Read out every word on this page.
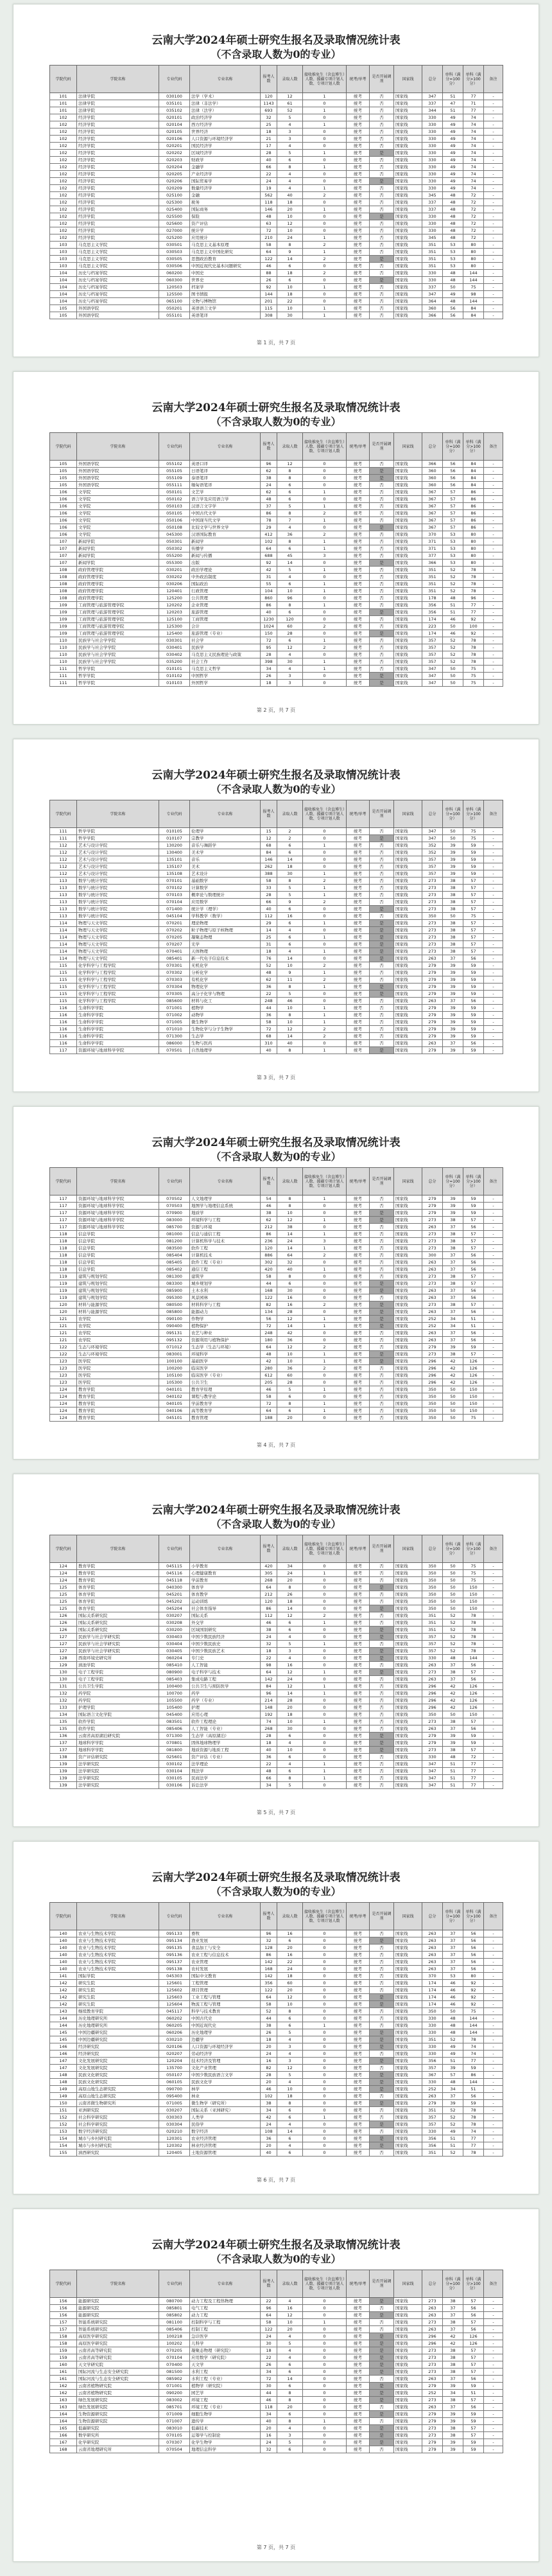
云南大学2024年硕士研究生报名及录取情况统计表
（不含录取人数为0的专业）
学院代码	学院名称	专业代码	专业名称	报考人数	录取人数	接收推免生（含直博生）人数、援疆专项计划人数、专项计划人数	统考/单考	是否开展调剂	国家线	总分	单科（满分=100分）	单科（满分>100分）	备注
101	法律学院	030100	法学（学术）	120	12	1	统考	否	国家线	347	51	77	-
101	法律学院	035101	法律（非法学）	1143	61	0	统考	否	国家线	337	47	71	-
101	法律学院	035102	法律（法学）	693	52	1	统考	否	国家线	344	51	77	-
102	经济学院	020101	政治经济学	32	5	0	统考	否	国家线	330	49	74	-
102	经济学院	020104	西方经济学	25	4	1	统考	否	国家线	330	49	74	-
102	经济学院	020105	世界经济	18	3	0	统考	否	国家线	330	49	74	-
102	经济学院	020106	人口资源与环境经济学	21	3	0	统考	否	国家线	330	49	74	-
102	经济学院	020201	国民经济学	17	4	0	统考	否	国家线	330	49	74	-
102	经济学院	020202	区域经济学	28	5	1	统考	是	国家线	330	49	74	-
102	经济学院	020203	财政学	40	6	0	统考	否	国家线	330	49	74	-
102	经济学院	020204	金融学	66	8	1	统考	否	国家线	330	49	74	-
102	经济学院	020205	产业经济学	22	4	0	统考	否	国家线	330	49	74	-
102	经济学院	020206	国际贸易学	24	4	0	统考	是	国家线	330	49	74	-
102	经济学院	020209	数量经济学	19	4	1	统考	否	国家线	330	49	74	-
102	经济学院	025100	金融	562	40	2	统考	否	国家线	345	48	72	-
102	经济学院	025300	税务	118	18	0	统考	否	国家线	337	48	72	-
102	经济学院	025400	国际商务	146	20	1	统考	否	国家线	337	48	72	-
102	经济学院	025500	保险	48	10	0	统考	是	国家线	330	48	72	-
102	经济学院	025600	资产评估	63	12	0	统考	否	国家线	330	48	72	-
102	经济学院	027000	统计学	72	10	0	统考	否	国家线	330	48	72	-
102	经济学院	025200	应用统计	210	24	1	统考	否	国家线	345	48	72	-
103	马克思主义学院	030501	马克思主义基本原理	58	8	2	统考	否	国家线	351	53	80	-
103	马克思主义学院	030503	马克思主义中国化研究	64	9	1	统考	否	国家线	351	53	80	-
103	马克思主义学院	030505	思想政治教育	122	14	2	统考	是	国家线	351	53	80	-
103	马克思主义学院	030506	中国近现代史基本问题研究	46	6	0	统考	否	国家线	351	53	80	-
104	历史与档案学院	060200	中国史	88	18	2	统考	否	国家线	330	48	144	-
104	历史与档案学院	060300	世界史	26	6	0	统考	是	国家线	330	48	144	-
104	历史与档案学院	120503	档案学	92	10	1	统考	否	国家线	337	50	75	-
104	历史与档案学院	125500	图书情报	144	18	0	统考	否	国家线	347	49	98	-
104	历史与档案学院	065100	文物与博物馆	201	22	0	统考	否	国家线	364	48	144	-
105	外国语学院	050201	英语语言文学	115	10	1	统考	否	国家线	360	56	84	-
105	外国语学院	055101	英语笔译	308	30	1	统考	否	国家线	366	56	84	-
第 1 页，共 7 页
云南大学2024年硕士研究生报名及录取情况统计表
（不含录取人数为0的专业）
学院代码	学院名称	专业代码	专业名称	报考人数	录取人数	接收推免生（含直博生）人数、援疆专项计划人数、专项计划人数	统考/单考	是否开展调剂	国家线	总分	单科（满分=100分）	单科（满分>100分）	备注
105	外国语学院	055102	英语口译	96	12	0	统考	否	国家线	366	56	84	-
105	外国语学院	055105	日语笔译	62	8	0	统考	是	国家线	360	56	84	-
105	外国语学院	055109	泰语笔译	38	8	0	统考	是	国家线	360	56	84	-
105	外国语学院	055111	缅甸语笔译	24	6	0	统考	否	国家线	360	56	84	-
106	文学院	050101	文艺学	62	6	1	统考	否	国家线	367	57	86	-
106	文学院	050102	语言学及应用语言学	48	6	0	统考	否	国家线	367	57	86	-
106	文学院	050103	汉语言文字学	37	5	1	统考	否	国家线	367	57	86	-
106	文学院	050105	中国古代文学	86	8	2	统考	否	国家线	367	57	86	-
106	文学院	050106	中国现当代文学	78	7	1	统考	否	国家线	367	57	86	-
106	文学院	050108	比较文学与世界文学	29	4	0	统考	是	国家线	367	57	86	-
106	文学院	045300	汉语国际教育	412	36	2	统考	否	国家线	370	53	80	-
107	新闻学院	050301	新闻学	102	8	1	统考	否	国家线	371	53	80	-
107	新闻学院	050302	传播学	64	6	1	统考	否	国家线	371	53	80	-
107	新闻学院	055200	新闻与传播	688	45	3	统考	否	国家线	377	53	80	-
107	新闻学院	055300	出版	92	14	0	统考	是	国家线	366	53	80	-
108	政府管理学院	030201	政治学理论	42	5	1	统考	否	国家线	351	52	78	-
108	政府管理学院	030202	中外政治制度	31	4	0	统考	否	国家线	351	52	78	-
108	政府管理学院	030206	国际政治	55	6	1	统考	否	国家线	351	52	78	-
108	政府管理学院	120401	行政管理	104	10	1	统考	否	国家线	351	52	78	-
108	政府管理学院	125200	公共管理	860	96	0	统考	否	国家线	178	48	96	-
109	工商管理与旅游管理学院	120202	企业管理	86	8	1	统考	否	国家线	356	51	77	-
109	工商管理与旅游管理学院	120203	旅游管理	40	6	0	统考	是	国家线	356	51	77	-
109	工商管理与旅游管理学院	125100	工商管理	1230	120	0	统考	否	国家线	174	46	92	-
109	工商管理与旅游管理学院	125300	会计	1024	60	2	统考	否	国家线	223	50	100	-
109	工商管理与旅游管理学院	125400	旅游管理（专业）	150	28	0	统考	是	国家线	174	46	92	-
110	民族学与社会学学院	030301	社会学	72	6	1	统考	否	国家线	357	52	78	-
110	民族学与社会学学院	030401	民族学	95	12	2	统考	否	国家线	357	52	78	-
110	民族学与社会学学院	030402	马克思主义民族理论与政策	28	4	0	统考	否	国家线	357	52	78	-
110	民族学与社会学学院	035200	社会工作	398	30	1	统考	否	国家线	357	52	78	-
111	哲学学院	010101	马克思主义哲学	34	4	1	统考	否	国家线	347	50	75	-
111	哲学学院	010102	中国哲学	26	3	0	统考	是	国家线	347	50	75	-
111	哲学学院	010103	外国哲学	18	3	0	统考	是	国家线	347	50	75	-
第 2 页，共 7 页
云南大学2024年硕士研究生报名及录取情况统计表
（不含录取人数为0的专业）
学院代码	学院名称	专业代码	专业名称	报考人数	录取人数	接收推免生（含直博生）人数、援疆专项计划人数、专项计划人数	统考/单考	是否开展调剂	国家线	总分	单科（满分=100分）	单科（满分>100分）	备注
111	哲学学院	010105	伦理学	15	2	0	统考	否	国家线	347	50	75	-
111	哲学学院	010107	宗教学	12	2	0	统考	是	国家线	347	50	75	-
112	艺术与设计学院	130200	音乐与舞蹈学	68	6	1	统考	否	国家线	352	39	59	-
112	艺术与设计学院	130400	美术学	84	6	0	统考	否	国家线	352	39	59	-
112	艺术与设计学院	135101	音乐	146	14	0	统考	否	国家线	357	39	59	-
112	艺术与设计学院	135107	美术	262	18	0	统考	否	国家线	357	39	59	-
112	艺术与设计学院	135108	艺术设计	388	30	1	统考	否	国家线	357	39	59	-
113	数学与统计学院	070101	基础数学	58	8	2	统考	否	国家线	273	38	57	-
113	数学与统计学院	070102	计算数学	33	5	1	统考	否	国家线	273	38	57	-
113	数学与统计学院	070103	概率论与数理统计	28	5	1	统考	否	国家线	273	38	57	-
113	数学与统计学院	070104	应用数学	66	9	2	统考	否	国家线	273	38	57	-
113	数学与统计学院	071400	统计学（理学）	40	6	0	统考	是	国家线	273	38	57	-
113	数学与统计学院	045104	学科教学（数学）	112	16	0	统考	否	国家线	350	50	75	-
114	物理与天文学院	070201	理论物理	29	6	1	统考	是	国家线	273	38	57	-
114	物理与天文学院	070202	粒子物理与原子核物理	14	4	0	统考	是	国家线	273	38	57	-
114	物理与天文学院	070205	凝聚态物理	25	6	1	统考	是	国家线	273	38	57	-
114	物理与天文学院	070207	光学	31	6	0	统考	是	国家线	273	38	57	-
114	物理与天文学院	070401	天体物理	18	4	1	统考	是	国家线	273	38	57	-
114	物理与天文学院	085401	新一代电子信息技术	76	14	0	统考	是	国家线	263	37	56	-
115	化学科学与工程学院	070301	无机化学	52	10	2	统考	否	国家线	279	39	59	-
115	化学科学与工程学院	070302	分析化学	48	9	1	统考	否	国家线	279	39	59	-
115	化学科学与工程学院	070303	有机化学	62	11	2	统考	否	国家线	279	39	59	-
115	化学科学与工程学院	070304	物理化学	36	8	1	统考	是	国家线	279	39	59	-
115	化学科学与工程学院	070305	高分子化学与物理	22	5	0	统考	是	国家线	279	39	59	-
115	化学科学与工程学院	085600	材料与化工	248	46	0	统考	否	国家线	263	37	56	-
116	生命科学学院	071001	植物学	44	10	1	统考	否	国家线	279	39	59	-
116	生命科学学院	071002	动物学	36	8	1	统考	否	国家线	279	39	59	-
116	生命科学学院	071005	微生物学	58	10	1	统考	否	国家线	279	39	59	-
116	生命科学学院	071010	生物化学与分子生物学	72	12	2	统考	否	国家线	279	39	59	-
116	生命科学学院	071300	生态学	68	14	2	统考	否	国家线	279	39	59	-
116	生命科学学院	086000	生物与医药	310	40	0	统考	否	国家线	263	37	56	-
117	资源环境与地球科学学院	070501	自然地理学	40	8	1	统考	是	国家线	279	39	59	-
第 3 页，共 7 页
云南大学2024年硕士研究生报名及录取情况统计表
（不含录取人数为0的专业）
学院代码	学院名称	专业代码	专业名称	报考人数	录取人数	接收推免生（含直博生）人数、援疆专项计划人数、专项计划人数	统考/单考	是否开展调剂	国家线	总分	单科（满分=100分）	单科（满分>100分）	备注
117	资源环境与地球科学学院	070502	人文地理学	54	8	1	统考	否	国家线	279	39	59	-
117	资源环境与地球科学学院	070503	地图学与地理信息系统	46	8	0	统考	否	国家线	279	39	59	-
117	资源环境与地球科学学院	070900	地质学	38	10	0	统考	是	国家线	279	39	59	-
117	资源环境与地球科学学院	083000	环境科学与工程	62	12	1	统考	是	国家线	273	38	57	-
117	资源环境与地球科学学院	085700	资源与环境	212	38	0	统考	否	国家线	263	37	56	-
118	信息学院	081000	信息与通信工程	86	14	1	统考	否	国家线	273	38	57	-
118	信息学院	081200	计算机科学与技术	236	24	3	统考	否	国家线	273	38	57	-
118	信息学院	083500	软件工程	120	14	1	统考	否	国家线	273	38	57	-
118	信息学院	085404	计算机技术	886	64	2	统考	否	国家线	300	37	56	-
118	信息学院	085405	软件工程（专业）	302	32	0	统考	否	国家线	263	37	56	-
118	信息学院	085402	通信工程	420	40	1	统考	否	国家线	263	37	56	-
119	建筑与规划学院	081300	建筑学	58	8	0	统考	否	国家线	273	38	57	-
119	建筑与规划学院	083300	城乡规划学	44	6	0	统考	是	国家线	273	38	57	-
119	建筑与规划学院	085900	土木水利	168	30	0	统考	是	国家线	263	37	56	-
119	建筑与规划学院	095300	风景园林	122	16	0	统考	否	国家线	263	37	56	-
120	材料与能源学院	080500	材料科学与工程	82	16	2	统考	是	国家线	273	38	57	-
120	材料与能源学院	085800	能源动力	134	28	0	统考	是	国家线	263	37	56	-
121	农学院	090100	作物学	56	12	1	统考	是	国家线	252	34	51	-
121	农学院	090400	植物保护	72	14	1	统考	是	国家线	252	34	51	-
121	农学院	095131	农艺与种业	248	42	0	统考	否	国家线	263	37	56	-
121	农学院	095132	资源利用与植物保护	180	36	0	统考	否	国家线	263	37	56	-
122	生态与环境学院	071012	生态学（生态与环境）	64	12	2	统考	否	国家线	279	39	59	-
122	生态与环境学院	083001	环境科学	48	10	1	统考	是	国家线	273	38	57	-
123	医学院	100100	基础医学	42	10	1	统考	是	国家线	296	42	126	-
123	医学院	100200	临床医学	280	36	2	统考	否	国家线	296	42	126	-
123	医学院	105100	临床医学（专业）	612	60	0	统考	否	国家线	296	42	126	-
123	医学院	105300	公共卫生	205	28	0	统考	否	国家线	296	42	126	-
124	教育学院	040101	教育学原理	46	5	1	统考	否	国家线	350	50	150	-
124	教育学院	040102	课程与教学论	58	6	0	统考	否	国家线	350	50	150	-
124	教育学院	040105	学前教育学	72	8	1	统考	否	国家线	350	50	150	-
124	教育学院	040106	高等教育学	64	6	1	统考	否	国家线	350	50	150	-
124	教育学院	045101	教育管理	188	20	0	统考	否	国家线	350	50	75	-
第 4 页，共 7 页
云南大学2024年硕士研究生报名及录取情况统计表
（不含录取人数为0的专业）
学院代码	学院名称	专业代码	专业名称	报考人数	录取人数	接收推免生（含直博生）人数、援疆专项计划人数、专项计划人数	统考/单考	是否开展调剂	国家线	总分	单科（满分=100分）	单科（满分>100分）	备注
124	教育学院	045115	小学教育	420	34	0	统考	否	国家线	350	50	75	-
124	教育学院	045116	心理健康教育	305	24	1	统考	否	国家线	350	50	75	-
124	教育学院	045118	学前教育	268	20	0	统考	否	国家线	350	50	75	-
125	体育学院	040300	体育学	64	8	0	统考	是	国家线	350	50	150	-
125	体育学院	045201	体育教学	212	26	0	统考	否	国家线	350	50	150	-
125	体育学院	045202	运动训练	120	18	0	统考	否	国家线	350	50	150	-
125	体育学院	045204	社会体育指导	86	14	0	统考	是	国家线	350	50	150	-
126	国际关系研究院	030207	国际关系	112	12	2	统考	否	国家线	351	52	78	-
126	国际关系研究院	030208	外交学	46	6	1	统考	否	国家线	351	52	78	-
126	国际关系研究院	030200	区域国别研究	38	6	0	统考	是	国家线	351	52	78	-
127	民族学与社会学研究院	030403	中国少数民族经济	24	4	0	统考	是	国家线	357	52	78	-
127	民族学与社会学研究院	030404	中国少数民族史	32	5	1	统考	否	国家线	357	52	78	-
127	民族学与社会学研究院	030405	中国少数民族艺术	18	3	0	统考	是	国家线	357	52	78	-
128	西南环境史研究所	060204	专门史	22	4	0	统考	是	国家线	330	48	144	-
129	滇池学院	085410	人工智能	98	16	0	统考	否	国家线	263	37	56	-
130	电子工程学院	080900	电子科学与技术	64	12	1	统考	是	国家线	273	38	57	-
130	电子工程学院	085403	集成电路工程	142	24	0	统考	否	国家线	263	37	56	-
131	公共卫生学院	100400	公共卫生与预防医学	84	12	1	统考	否	国家线	296	42	126	-
132	药学院	100700	药学	96	14	1	统考	否	国家线	296	42	126	-
132	药学院	105500	药学（专业）	214	28	0	统考	否	国家线	296	42	126	-
133	护理学院	105400	护理	148	20	0	统考	否	国家线	296	42	126	-
134	国际语言文化学院	045400	应用心理	192	18	0	统考	否	国家线	350	50	150	-
135	软件学院	083501	软件工程理论	74	10	1	统考	否	国家线	273	38	57	-
135	软件学院	085406	人工智能（专业）	268	30	0	统考	否	国家线	263	37	56	-
136	云南省高原湖泊研究院	071300	生态学（高原湖泊）	28	6	0	统考	是	国家线	279	39	59	-
137	地球科学学院	070801	固体地球物理学	18	4	0	统考	是	国家线	279	39	59	-
137	地球科学学院	081800	地质资源与地质工程	40	10	0	统考	是	国家线	273	38	57	-
138	资产评估研究院	025601	资产评估（专业）	36	6	0	统考	否	国家线	330	48	72	-
139	法学研究院	030102	法学理论	22	4	1	统考	否	国家线	347	51	77	-
139	法学研究院	030104	刑法学	48	6	1	统考	否	国家线	347	51	77	-
139	法学研究院	030105	民商法学	66	8	1	统考	否	国家线	347	51	77	-
139	法学研究院	030106	诉讼法学	34	5	0	统考	否	国家线	347	51	77	-
第 5 页，共 7 页
云南大学2024年硕士研究生报名及录取情况统计表
（不含录取人数为0的专业）
学院代码	学院名称	专业代码	专业名称	报考人数	录取人数	接收推免生（含直博生）人数、援疆专项计划人数、专项计划人数	统考/单考	是否开展调剂	国家线	总分	单科（满分=100分）	单科（满分>100分）	备注
140	农业与生物技术学院	095133	畜牧	96	16	0	统考	否	国家线	263	37	56	-
140	农业与生物技术学院	095134	渔业发展	32	6	0	统考	是	国家线	263	37	56	-
140	农业与生物技术学院	095135	食品加工与安全	128	20	0	统考	否	国家线	263	37	56	-
140	农业与生物技术学院	095136	农业工程与信息技术	86	16	0	统考	否	国家线	263	37	56	-
140	农业与生物技术学院	095137	农业管理	142	22	0	统考	否	国家线	263	37	56	-
140	农业与生物技术学院	095138	农村发展	168	24	0	统考	否	国家线	263	37	56	-
141	国际学院	045303	国际中文教育	142	18	0	统考	否	国家线	370	53	80	-
142	研究生院	125601	工程管理	356	60	0	统考	否	国家线	174	46	92	-
142	研究生院	125602	项目管理	122	20	0	统考	否	国家线	174	46	92	-
142	研究生院	125603	工业工程与管理	64	12	0	统考	是	国家线	174	46	92	-
142	研究生院	125604	物流工程与管理	58	10	0	统考	是	国家线	174	46	92	-
143	继续教育学院	045117	科学与技术教育	52	8	0	统考	否	国家线	350	50	75	-
144	历史地理研究所	060202	中国古代史	44	6	0	统考	否	国家线	330	48	144	-
144	历史地理研究所	060205	中国近现代史	38	6	1	统考	否	国家线	330	48	144	-
145	中国边疆研究院	060206	历史地理学	26	5	0	统考	是	国家线	330	48	144	-
145	中国边疆研究院	030210	边疆学	18	4	0	统考	是	国家线	351	52	78	-
146	经济研究院	020106	人口资源与环境经济学	20	3	0	统考	是	国家线	330	49	74	-
146	经济研究院	020207	劳动经济学	24	4	0	统考	否	国家线	330	49	74	-
147	文化发展研究院	120204	技术经济及管理	16	3	0	统考	是	国家线	356	51	77	-
147	文化发展研究院	135700	文化产业管理	82	12	0	统考	否	国家线	357	39	59	-
148	民族文化研究院	050107	中国少数民族语言文学	28	5	0	统考	是	国家线	367	57	86	-
148	民族文化研究院	060105	民族文化学	20	4	0	统考	是	国家线	330	48	144	-
149	高原山地生态研究院	090700	林学	46	10	0	统考	是	国家线	252	34	51	-
149	高原山地生态研究院	095400	林业	102	18	0	统考	否	国家线	263	37	56	-
150	云南省微生物研究所	071005	微生物学（研究所）	38	8	0	统考	是	国家线	279	39	59	-
151	亚洲研究院	030207	国际关系（亚洲研究）	34	6	0	统考	否	国家线	351	52	78	-
152	社会科学研究院	030303	人类学	42	6	1	统考	否	国家线	357	52	78	-
152	社会科学研究院	030304	民俗学	24	4	0	统考	是	国家线	357	52	78	-
153	数字经济研究院	020210	数字经济	108	14	0	统考	否	国家线	330	49	74	-
154	城市与乡村研究院	120301	农业经济管理	36	6	0	统考	是	国家线	356	51	77	-
154	城市与乡村研究院	120302	林业经济管理	20	4	0	统考	是	国家线	356	51	77	-
155	滇西研究院	120405	土地资源管理	40	6	0	统考	否	国家线	351	52	78	-
第 6 页，共 7 页
云南大学2024年硕士研究生报名及录取情况统计表
（不含录取人数为0的专业）
学院代码	学院名称	专业代码	专业名称	报考人数	录取人数	接收推免生（含直博生）人数、援疆专项计划人数、专项计划人数	统考/单考	是否开展调剂	国家线	总分	单科（满分=100分）	单科（满分>100分）	备注
156	能源研究院	080700	动力工程及工程热物理	22	4	0	统考	是	国家线	273	38	57	-
156	能源研究院	085801	电气工程	96	16	0	统考	否	国家线	263	37	56	-
156	能源研究院	085802	动力工程	64	12	0	统考	是	国家线	263	37	56	-
157	智能系统研究院	081100	控制科学与工程	58	10	1	统考	否	国家线	273	38	57	-
157	智能系统研究院	085406	控制工程	122	20	0	统考	否	国家线	263	37	56	-
158	高原医学研究院	100218	急诊医学	24	4	0	统考	是	国家线	296	42	126	-
158	高原医学研究院	100202	儿科学	30	5	0	统考	是	国家线	296	42	126	-
159	云南省高等研究院	070205	凝聚态物理（研究院）	18	4	0	统考	是	国家线	273	38	57	-
159	云南省高等研究院	070104	应用数学（研究院）	22	4	0	统考	是	国家线	273	38	57	-
160	天文学研究院	070400	天文学	26	6	0	统考	是	国家线	273	38	57	-
161	国际河流与生态安全研究院	081500	水利工程	34	6	0	统考	是	国家线	273	38	57	-
161	国际河流与生态安全研究院	085902	水利工程（专业）	72	14	0	统考	否	国家线	263	37	56	-
162	云南省植物研究院	071001	植物学（研究院）	30	6	0	统考	是	国家线	279	39	59	-
162	云南省植物研究院	090200	园艺学	44	8	0	统考	是	国家线	252	34	51	-
163	绿色发展研究院	083002	环境工程	46	8	0	统考	是	国家线	273	38	57	-
163	绿色发展研究院	085701	环境工程（专业）	118	20	0	统考	否	国家线	263	37	56	-
164	生物资源研究院	071009	细胞生物学	34	6	0	统考	是	国家线	279	39	59	-
164	生物资源研究院	071007	遗传学	40	8	1	统考	否	国家线	279	39	59	-
165	低碳研究院	083010	低碳技术	20	4	0	统考	是	国家线	273	38	57	-
166	数学研究所	070105	运筹学与控制论	16	3	0	统考	是	国家线	273	38	57	-
167	化学研究院	070307	化学生物学	24	5	0	统考	是	国家线	279	39	59	-
168	云南省地理研究所	070504	地理信息科学	32	6	0	统考	否	国家线	279	39	59	-
第 7 页，共 7 页
